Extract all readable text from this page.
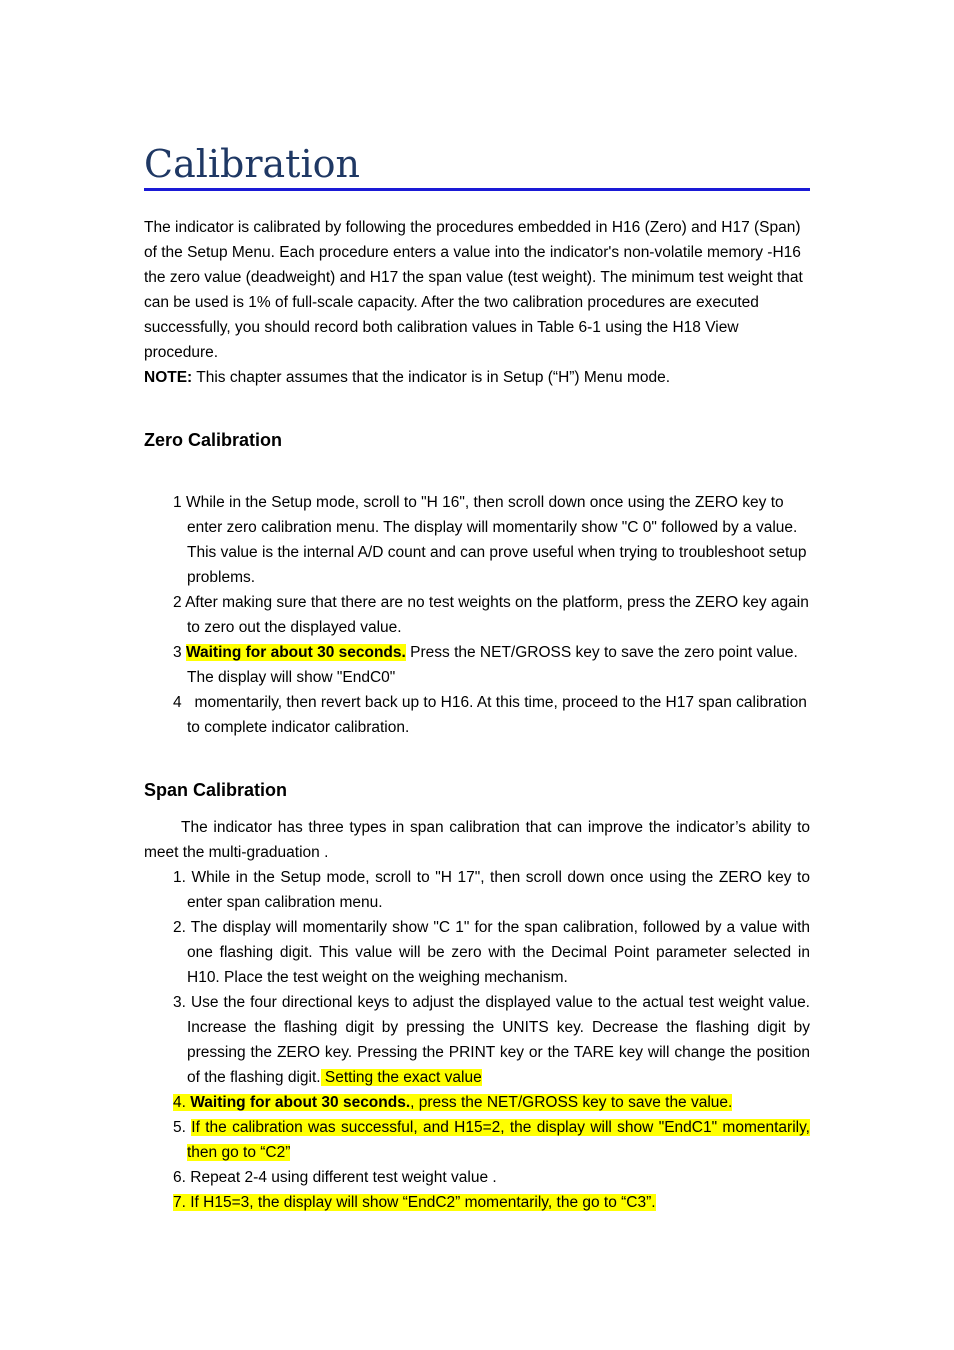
Calibration

The indicator is calibrated by following the procedures embedded in H16 (Zero) and H17 (Span) of the Setup Menu. Each procedure enters a value into the indicator's non-volatile memory -H16 the zero value (deadweight) and H17 the span value (test weight). The minimum test weight that can be used is 1% of full-scale capacity. After the two calibration procedures are executed successfully, you should record both calibration values in Table 6-1 using the H18 View procedure.

NOTE: This chapter assumes that the indicator is in Setup (“H”) Menu mode.

Zero Calibration
1 While in the Setup mode, scroll to "H 16", then scroll down once using the ZERO key to enter zero calibration menu. The display will momentarily show "C 0" followed by a value. This value is the internal A/D count and can prove useful when trying to troubleshoot setup problems.
2 After making sure that there are no test weights on the platform, press the ZERO key again to zero out the displayed value.
3 Waiting for about 30 seconds. Press the NET/GROSS key to save the zero point value. The display will show "EndC0"
4   momentarily, then revert back up to H16. At this time, proceed to the H17 span calibration to complete indicator calibration.
Span Calibration

The indicator has three types in span calibration that can improve the indicator’s ability to meet the multi-graduation .

1. While in the Setup mode, scroll to "H 17", then scroll down once using the ZERO key to enter span calibration menu.
2. The display will momentarily show "C 1" for the span calibration, followed by a value with one flashing digit. This value will be zero with the Decimal Point parameter selected in H10. Place the test weight on the weighing mechanism.
3. Use the four directional keys to adjust the displayed value to the actual test weight value. Increase the flashing digit by pressing the UNITS key. Decrease the flashing digit by pressing the ZERO key. Pressing the PRINT key or the TARE key will change the position of the flashing digit. Setting the exact value
4. Waiting for about 30 seconds., press the NET/GROSS key to save the value.
5. If the calibration was successful, and H15=2, the display will show "EndC1" momentarily, then go to “C2”
6. Repeat 2-4 using different test weight value .
7. If H15=3, the display will show “EndC2” momentarily, the go to “C3”.
